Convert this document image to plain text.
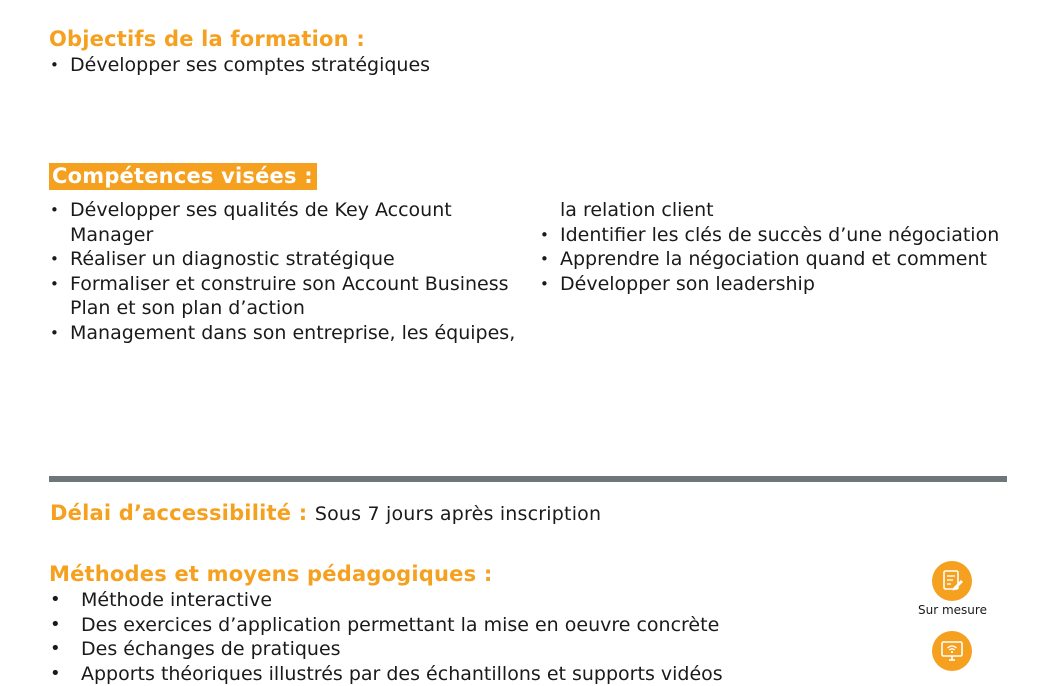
Objectifs de la formation :
• Développer ses comptes stratégiques
Compétences visées :
• Développer ses qualités de Key Account Manager
• Réaliser un diagnostic stratégique
• Formaliser et construire son Account Business Plan et son plan d’action
• Management dans son entreprise, les équipes,
la relation client
• Identifier les clés de succès d’une négociation
• Apprendre la négociation quand et comment
• Développer son leadership
Délai d’accessibilité : Sous 7 jours après inscription
Méthodes et moyens pédagogiques :
• Méthode interactive
• Des exercices d’application permettant la mise en oeuvre concrète
• Des échanges de pratiques
• Apports théoriques illustrés par des échantillons et supports vidéos
Sur mesure
